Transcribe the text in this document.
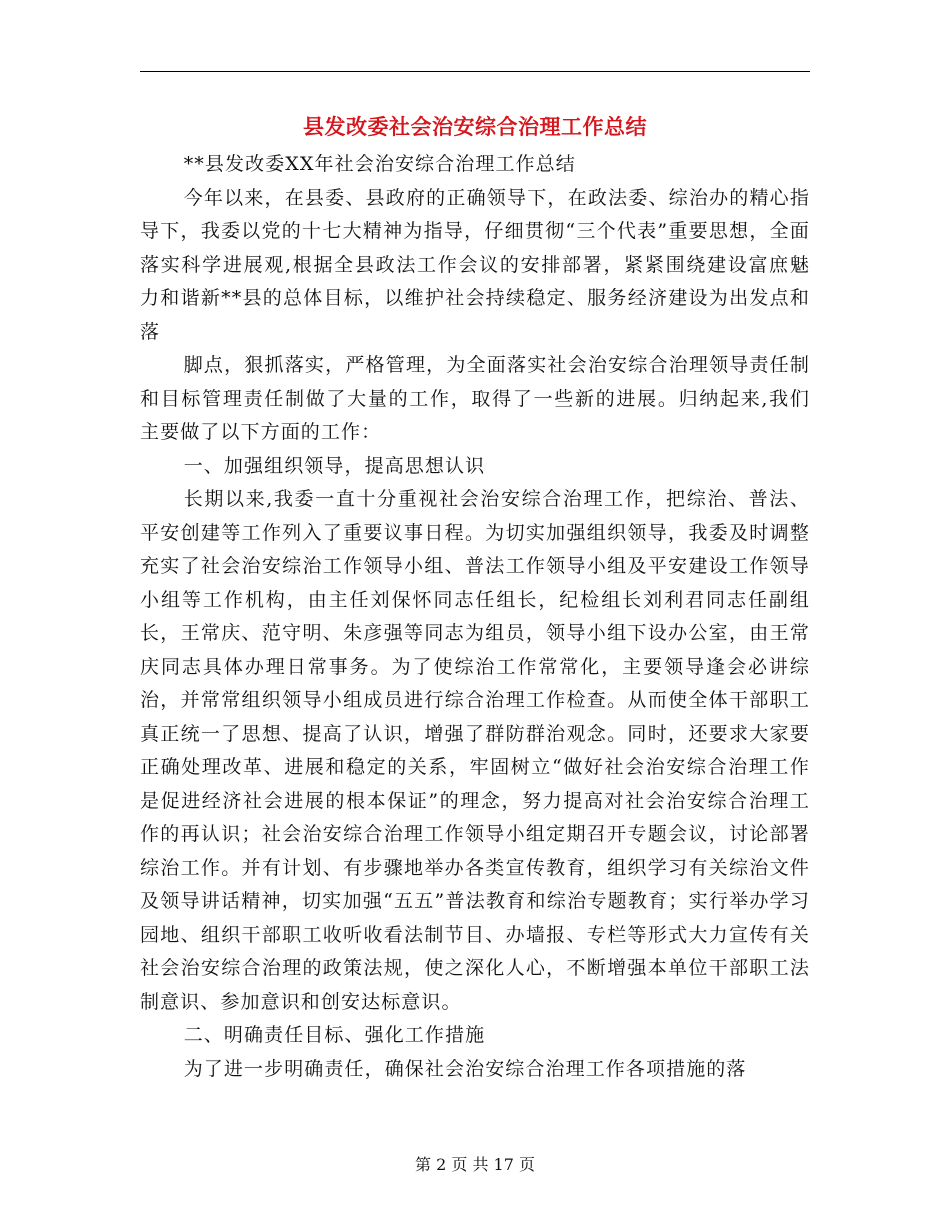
县发改委社会治安综合治理工作总结

**县发改委XX年社会治安综合治理工作总结

今年以来，在县委、县政府的正确领导下，在政法委、综治办的精心指导下，我委以党的十七大精神为指导，仔细贯彻“三个代表”重要思想，全面落实科学进展观,根据全县政法工作会议的安排部署，紧紧围绕建设富庶魅力和谐新**县的总体目标，以维护社会持续稳定、服务经济建设为出发点和落

脚点，狠抓落实，严格管理，为全面落实社会治安综合治理领导责任制和目标管理责任制做了大量的工作，取得了一些新的进展。归纳起来,我们主要做了以下方面的工作：

一、加强组织领导，提高思想认识

长期以来,我委一直十分重视社会治安综合治理工作，把综治、普法、平安创建等工作列入了重要议事日程。为切实加强组织领导，我委及时调整充实了社会治安综治工作领导小组、普法工作领导小组及平安建设工作领导小组等工作机构，由主任刘保怀同志任组长，纪检组长刘利君同志任副组长，王常庆、范守明、朱彦强等同志为组员，领导小组下设办公室，由王常庆同志具体办理日常事务。为了使综治工作常常化，主要领导逢会必讲综治，并常常组织领导小组成员进行综合治理工作检查。从而使全体干部职工真正统一了思想、提高了认识，增强了群防群治观念。同时，还要求大家要正确处理改革、进展和稳定的关系，牢固树立“做好社会治安综合治理工作是促进经济社会进展的根本保证”的理念，努力提高对社会治安综合治理工作的再认识；社会治安综合治理工作领导小组定期召开专题会议，讨论部署综治工作。并有计划、有步骤地举办各类宣传教育，组织学习有关综治文件及领导讲话精神，切实加强“五五”普法教育和综治专题教育；实行举办学习园地、组织干部职工收听收看法制节目、办墙报、专栏等形式大力宣传有关社会治安综合治理的政策法规，使之深化人心，不断增强本单位干部职工法制意识、参加意识和创安达标意识。

二、明确责任目标、强化工作措施

为了进一步明确责任，确保社会治安综合治理工作各项措施的落

第 2 页 共 17 页
